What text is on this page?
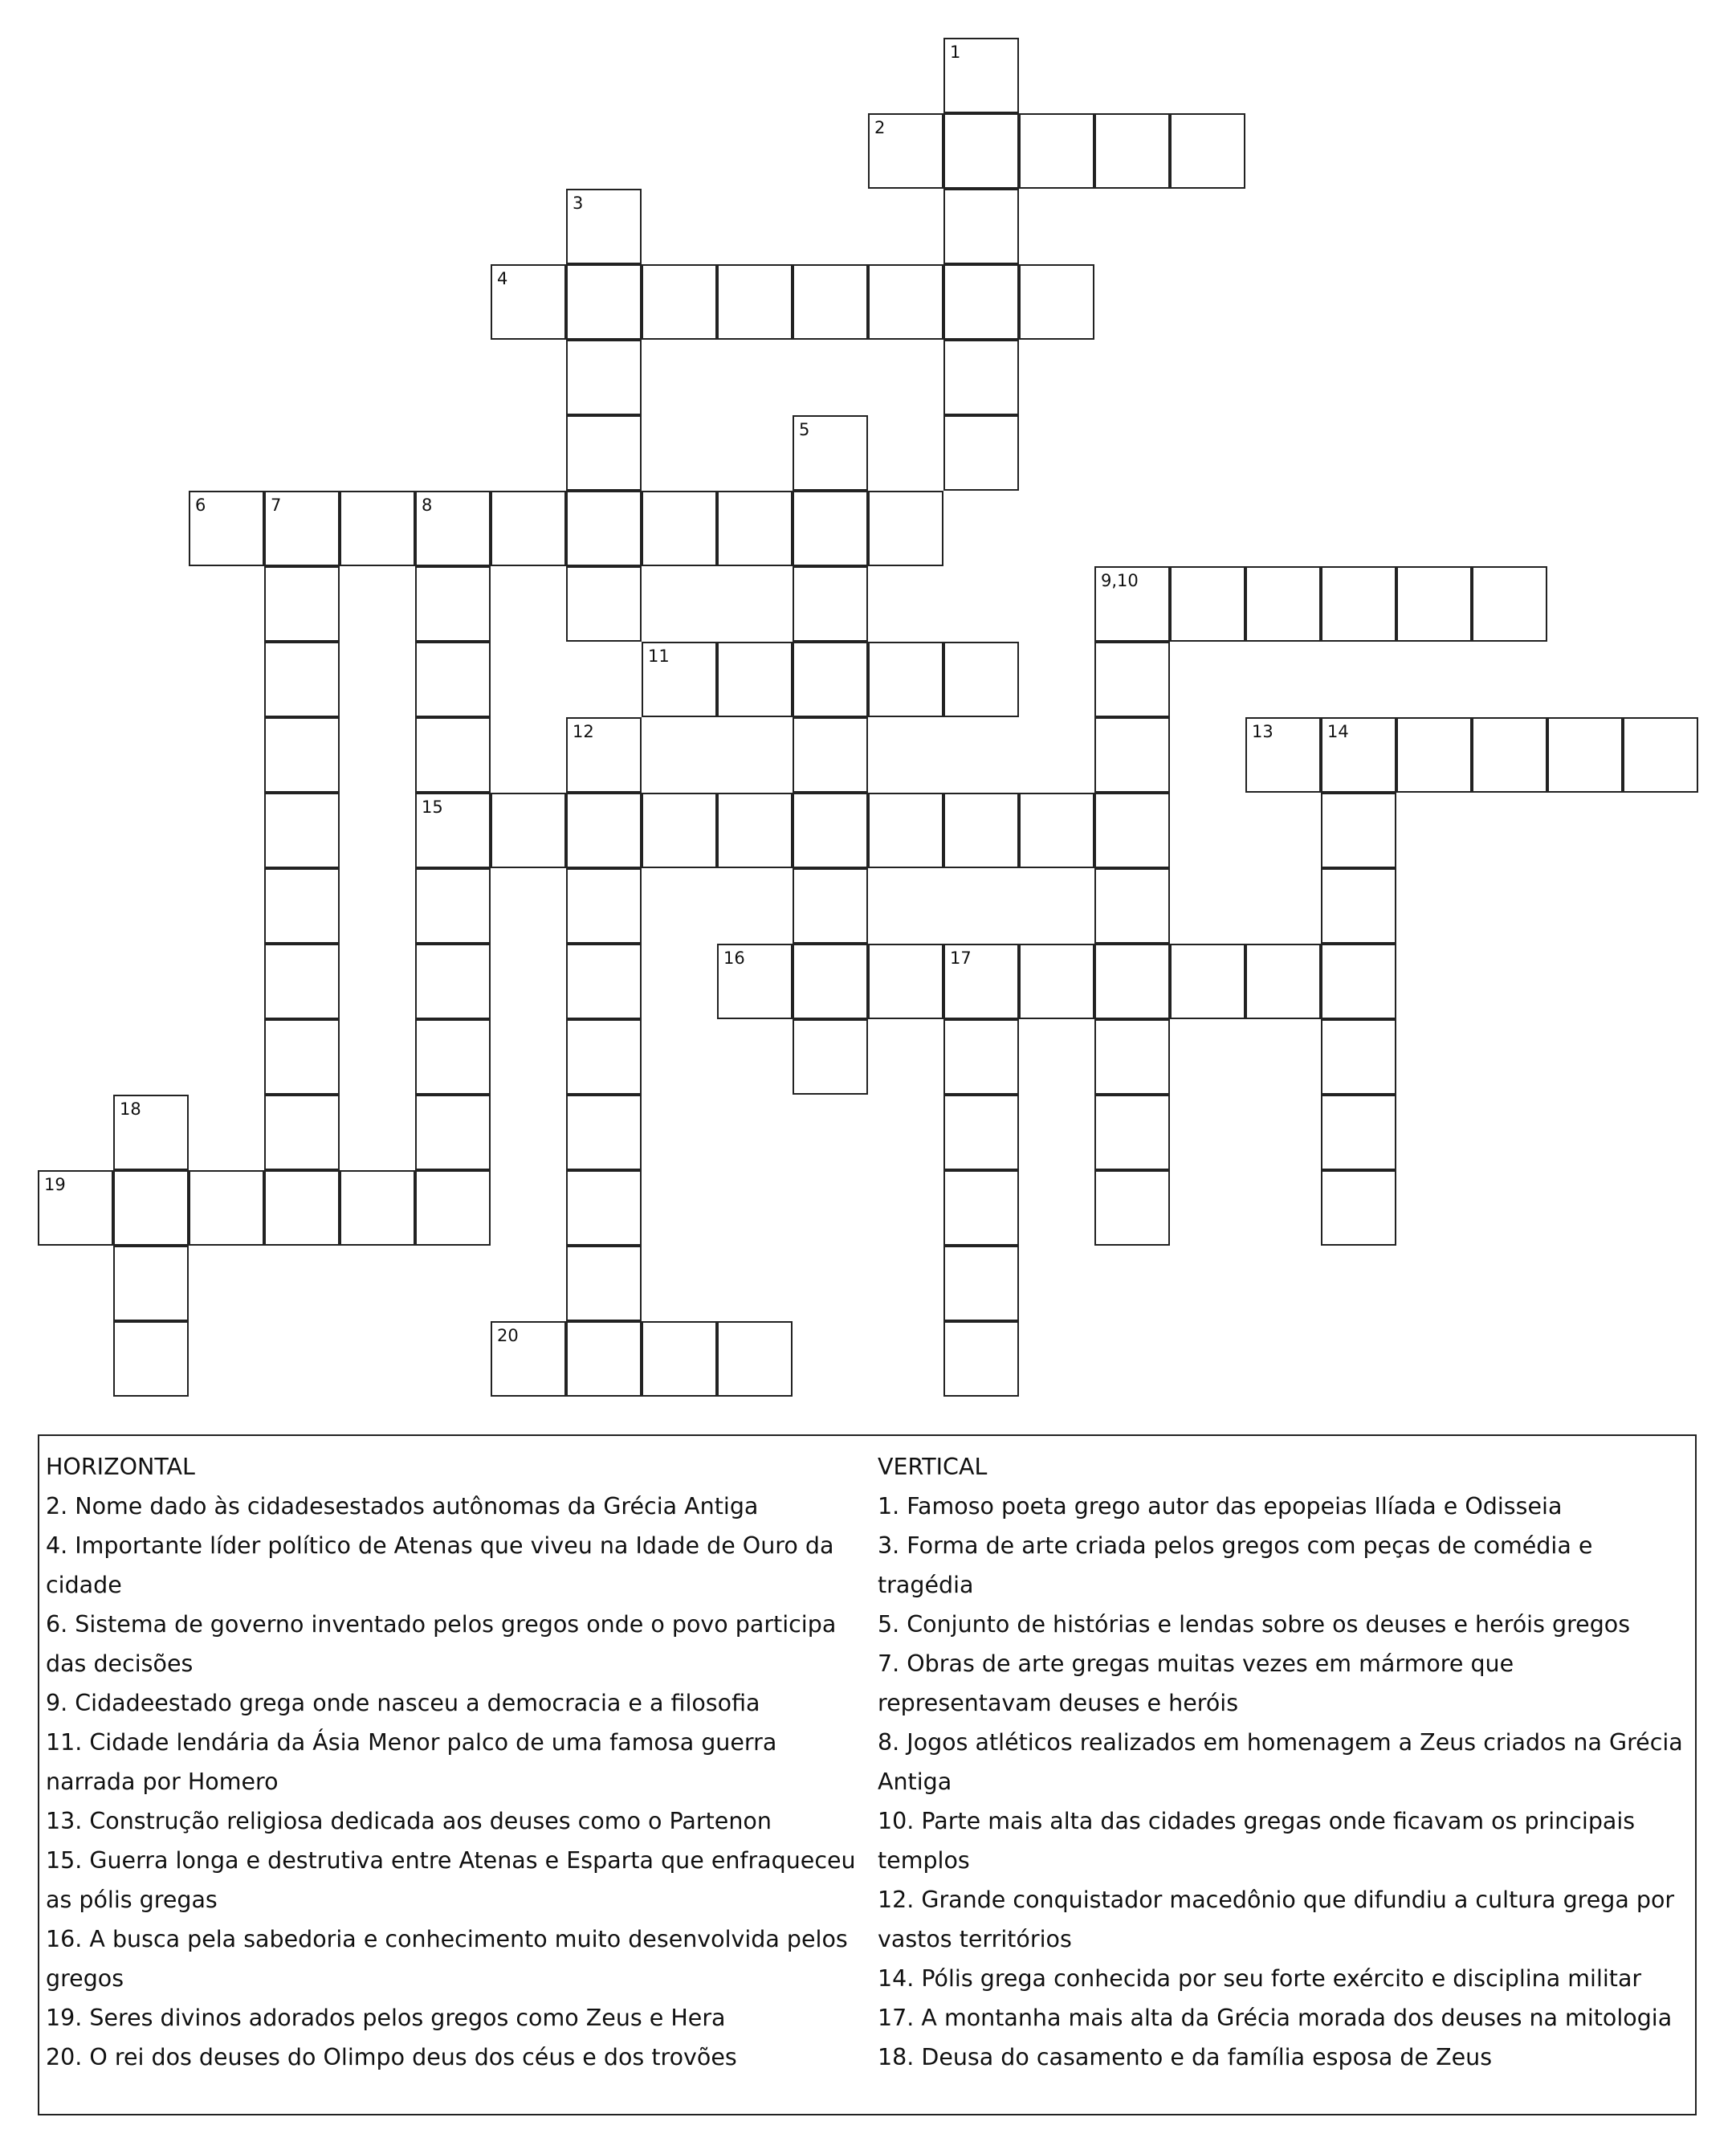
1
2
3
4
5
6	7	8
15
9,10
11
12	13	14
16	17
18
19
20
HORIZONTAL
2. Nome dado às cidadesestados autônomas da Grécia Antiga
4. Importante líder político de Atenas que viveu na Idade de Ouro da cidade
6. Sistema de governo inventado pelos gregos onde o povo participa das decisões
9. Cidadeestado grega onde nasceu a democracia e a filosofia
11. Cidade lendária da Ásia Menor palco de uma famosa guerra narrada por Homero
13. Construção religiosa dedicada aos deuses como o Partenon
15. Guerra longa e destrutiva entre Atenas e Esparta que enfraqueceu as pólis gregas
16. A busca pela sabedoria e conhecimento muito desenvolvida pelos gregos
19. Seres divinos adorados pelos gregos como Zeus e Hera
20. O rei dos deuses do Olimpo deus dos céus e dos trovões
VERTICAL
1. Famoso poeta grego autor das epopeias Ilíada e Odisseia
3. Forma de arte criada pelos gregos com peças de comédia e tragédia
5. Conjunto de histórias e lendas sobre os deuses e heróis gregos
7. Obras de arte gregas muitas vezes em mármore que representavam deuses e heróis
8. Jogos atléticos realizados em homenagem a Zeus criados na Grécia Antiga
10. Parte mais alta das cidades gregas onde ficavam os principais templos
12. Grande conquistador macedônio que difundiu a cultura grega por vastos territórios
14. Pólis grega conhecida por seu forte exército e disciplina militar
17. A montanha mais alta da Grécia morada dos deuses na mitologia
18. Deusa do casamento e da família esposa de Zeus
